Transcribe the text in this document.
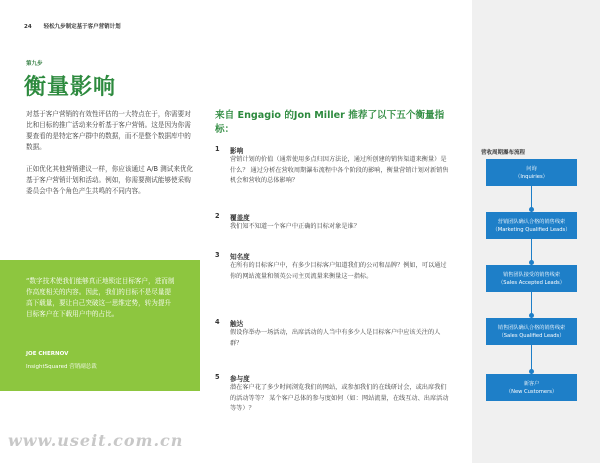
24 轻松九步制定基于客户营销计划
第九步
衡量影响
对基于客户营销的有效性评估的一大特点在于，你需要对比和目标的推广活动来分析基于客户营销。这是因为你需要查看的是特定客户群中的数据，而不是整个数据库中的数据。
正如优化其他营销建议一样，你应该通过 A/B 测试来优化基于客户营销计划和活动。例如，你需要测试能够使采购委员会中各个角色产生共鸣的不同内容。
“数字技术使我们能够真正地锁定目标客户，进而制作高度相关的内容。因此，我们的目标不是尽量提高下载量，要让自己突破这一思维定势，转为提升目标客户在下载用户中的占比。
JOE CHERNOV
InsightSquared 营销副总裁
来自 Engagio 的Jon Miller 推荐了以下五个衡量指标：
1 影响
营销计划的价值（通常使用多点归因方法论，通过所创建的销售渠道来衡量）是什么？ 通过分析在营收周期瀑布流程中各个阶段的影响，衡量营销计划对新销售机会和营收的总体影响？
2 覆盖度
我们知不知道一个客户中正确的目标对象是谁？
3 知名度
在所有的目标客户中，有多少目标客户知道我们的公司和品牌？例如，可以通过你的网站流量和领英公司主页流量来衡量这一指标。
4 触达
假设你举办一场活动，出席活动的人当中有多少人是目标客户中应该关注的人群？
5 参与度
潜在客户花了多少时间浏览我们的网站，或参加我们的在线研讨会，或出席我们的活动等等？ 某个客户总体的参与度如何（如：网站流量，在线互动、出席活动等等）？
营收周期瀑布流程
问询
（Inquiries）
营销团队确认合格的销售线索
（Marketing Qualified Leads）
销售团队接受的销售线索
（Sales Accepted Leads）
销售团队确认合格的销售线索
（Sales Qualified Leads）
新客户
（New Customers）
www.useit.com.cn
